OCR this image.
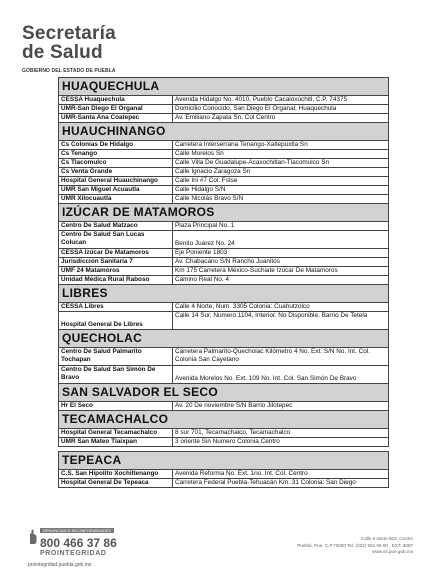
Secretaría
de Salud
GOBIERNO DEL ESTADO DE PUEBLA
HUAQUECHULA	
CESSA Huaquechula	Avenida Hidalgo No. 4010, Pueblo Cacaloxúchitl, C.P. 74375
UMR-San Diego El Organal	Domicilio Conocido, San Diego El Organal, Huaquechula
UMR-Santa Ana Coatepec	Av. Emiliano Zapata Sn. Col Centro
HUAUCHINANGO	
Cs Colonias De Hidalgo	Carretera Interserrana Tenango-Xaltepuxtla Sn
Cs Tenango	Calle Morelos Sn
Cs Tlacomulco	Calle Villa De Guadalupe-Acaxochitlan-Tlacomulco Sn
Cs Venta Grande	Calle Ignacio Zaragoza Sn
Hospital General Huauchinango	Calle Ini #7 Col. Fstse
UMR San Miguel Acuautla	Calle Hidalgo S/N
UMR Xilocuautla	Calle Nicolás Bravo S/N
IZÚCAR DE MATAMOROS	
Centro De Salud Matzaco	Plaza Principal No. 1
Centro De Salud San Lucas Colucan	Benito Juárez No. 24
CESSA Izúcar De Matamoros	Eje Poniente 1803
Jurisdicción Sanitaria 7	Av. Chabacano S/N Rancho Juanitos
UMF 24 Matamoros	Km 175 Carretera México-Suchiate Izúcar De Matamoros
Unidad Médica Rural Raboso	Camino Real No. 4
LIBRES	
CESSA Libres	Calle 4 Norte, Num. 3305 Colonia: Cuahutzolco
Hospital General De Libres	Calle 14 Sur, Numero.1104, Interior. No Disponible, Barrio De Tetela
QUECHOLAC	
Centro De Salud Palmarito Tochapan	Carretera Palmarito-Quecholac Kilómetro 4 No. Ext. S/N No. Int. Col. Colonia San Cayetano
Centro De Salud San Simón De Bravo	Avenida Morelos No. Ext. 109 No. Int. Col. San Simón De Bravo
SAN SALVADOR EL SECO	
Hr El Seco	Av. 20 De noviembre S/N Barrio Jilotepec
TECAMACHALCO	
Hospital General Tecamachalco	8 sur 701, Tecamachalco, Tecamachalco
UMR San Mateo Tlaixpan	3 oriente Sin Numero Colonia Centro

TEPEACA	
C.S. San Hipolito Xochiltenango	Avenida Reforma No. Ext. 1no. Int. Col. Centro
Hospital General De Tepeaca	Carretera Federal Puebla-Tehuacán Km. 31 Colonia: San Diego
DENUNCIAS E INCONFORMIDADES
800 466 37 86
PROINTEGRIDAD
prointegridad.puebla.gob.mx
Calle 6 Norte 603, Centro
Puebla, Pue. C.P.72000 Tel. (222) 551 06 00 , EXT. 3007
www.ss.pue.gob.mx
